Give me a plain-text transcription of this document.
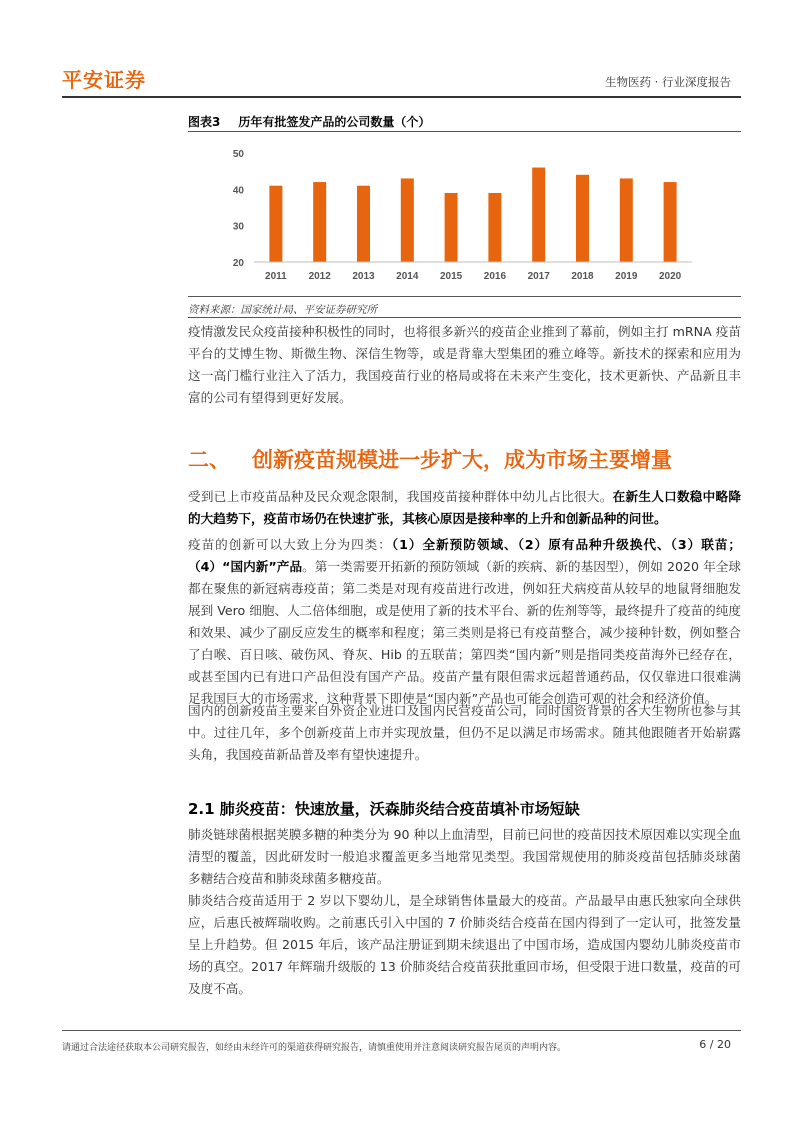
平安证券	生物医药 · 行业深度报告
图表3 历年有批签发产品的公司数量（个）
20
30
40
50
2011 2012 2013 2014 2015 2016 2017 2018 2019 2020
资料来源：国家统计局、平安证券研究所
疫情激发民众疫苗接种积极性的同时，也将很多新兴的疫苗企业推到了幕前，例如主打 mRNA 疫苗平台的艾博生物、斯微生物、深信生物等，或是背靠大型集团的雅立峰等。新技术的探索和应用为这一高门槛行业注入了活力，我国疫苗行业的格局或将在未来产生变化，技术更新快、产品新且丰富的公司有望得到更好发展。
二、 创新疫苗规模进一步扩大，成为市场主要增量
受到已上市疫苗品种及民众观念限制，我国疫苗接种群体中幼儿占比很大。在新生人口数稳中略降的大趋势下，疫苗市场仍在快速扩张，其核心原因是接种率的上升和创新品种的问世。
疫苗的创新可以大致上分为四类：（1）全新预防领域、（2）原有品种升级换代、（3）联苗；（4）“国内新”产品。第一类需要开拓新的预防领域（新的疾病、新的基因型），例如 2020 年全球都在聚焦的新冠病毒疫苗；第二类是对现有疫苗进行改进，例如狂犬病疫苗从较早的地鼠肾细胞发展到 Vero 细胞、人二倍体细胞，或是使用了新的技术平台、新的佐剂等等，最终提升了疫苗的纯度和效果、减少了副反应发生的概率和程度；第三类则是将已有疫苗整合，减少接种针数，例如整合了白喉、百日咳、破伤风、脊灰、Hib 的五联苗；第四类“国内新”则是指同类疫苗海外已经存在，或甚至国内已有进口产品但没有国产产品。疫苗产量有限但需求远超普通药品，仅仅靠进口很难满足我国巨大的市场需求，这种背景下即使是“国内新”产品也可能会创造可观的社会和经济价值。
国内的创新疫苗主要来自外资企业进口及国内民营疫苗公司，同时国资背景的各大生物所也参与其中。过往几年，多个创新疫苗上市并实现放量，但仍不足以满足市场需求。随其他跟随者开始崭露头角，我国疫苗新品普及率有望快速提升。
2.1 肺炎疫苗：快速放量，沃森肺炎结合疫苗填补市场短缺
肺炎链球菌根据荚膜多糖的种类分为 90 种以上血清型，目前已问世的疫苗因技术原因难以实现全血清型的覆盖，因此研发时一般追求覆盖更多当地常见类型。我国常规使用的肺炎疫苗包括肺炎球菌多糖结合疫苗和肺炎球菌多糖疫苗。
肺炎结合疫苗适用于 2 岁以下婴幼儿，是全球销售体量最大的疫苗。产品最早由惠氏独家向全球供应，后惠氏被辉瑞收购。之前惠氏引入中国的 7 价肺炎结合疫苗在国内得到了一定认可，批签发量呈上升趋势。但 2015 年后，该产品注册证到期未续退出了中国市场，造成国内婴幼儿肺炎疫苗市场的真空。2017 年辉瑞升级版的 13 价肺炎结合疫苗获批重回市场，但受限于进口数量，疫苗的可及度不高。
请通过合法途径获取本公司研究报告，如经由未经许可的渠道获得研究报告，请慎重使用并注意阅读研究报告尾页的声明内容。	6 / 20
